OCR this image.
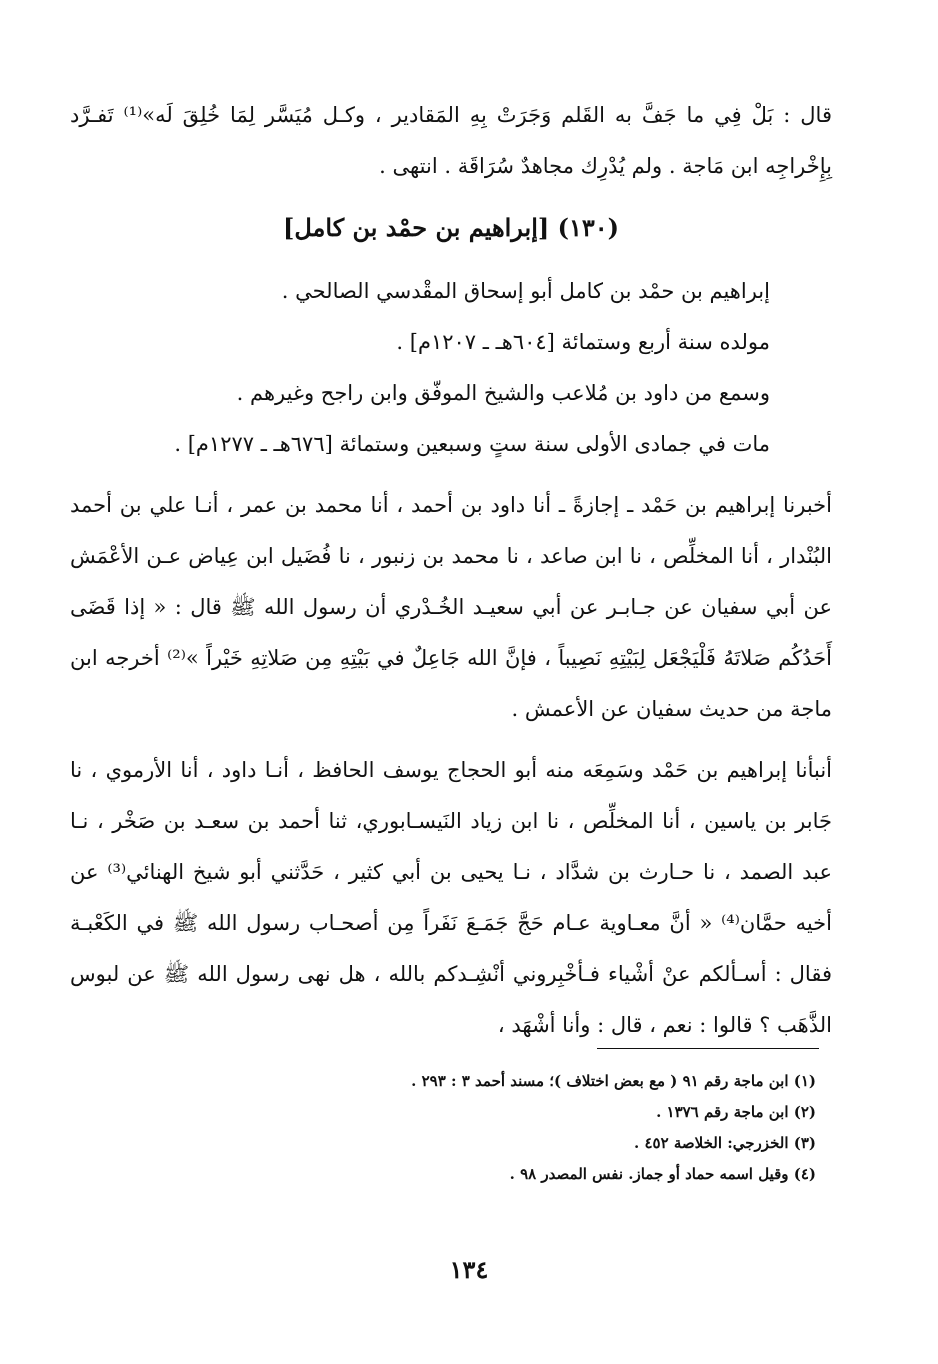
قال : بَلْ فِي ما جَفَّ به القَلم وَجَرَتْ بِهِ المَقادير ، وكـل مُيَسَّر لِمَا خُلِقَ لَه»⁽¹⁾ تَفـرَّد بِإِخْراجِه ابن مَاجة . ولم يُدْرِك مجاهدٌ سُرَاقَة . انتهى .

(١٣٠) [إبراهيم بن حمْد بن كامل]

إبراهيم بن حمْد بن كامل أبو إسحاق المقْدسي الصالحي .

مولده سنة أربع وستمائة [٦٠٤هـ ـ ١٢٠٧م] .

وسمع من داود بن مُلاعب والشيخ الموفّق وابن راجح وغيرهم .

مات في جمادى الأولى سنة ستٍ وسبعين وستمائة [٦٧٦هـ ـ ١٢٧٧م] .

أخبرنا إبراهيم بن حَمْد ـ إجازةً ـ أنا داود بن أحمد ، أنا محمد بن عمر ، أنـا علي بن أحمد البُنْدار ، أنا المخلِّص ، نا ابن صاعد ، نا محمد بن زنبور ، نا فُضَيل ابن عِياض عـن الأعْمَش عن أبي سفيان عن جـابـر عن أبي سعيـد الخُـدْري أن رسول الله ﷺ قال : « إذا قَضَى أَحَدُكُم صَلاتَهُ فَلْيَجْعَل لِبَيْتِهِ نَصِيباً ، فإنَّ الله جَاعِلٌ في بَيْتِهِ مِن صَلاتِهِ خَيْراً »⁽²⁾ أخرجه ابن ماجة من حديث سفيان عن الأعمش .

أنبأنا إبراهيم بن حَمْد وسَمِعَه منه أبو الحجاج يوسف الحافظ ، أنـا داود ، أنا الأرموي ، نا جَابر بن ياسين ، أنا المخلِّص ، نا ابن زياد النَيسـابوري، ثنا أحمد بن سعـد بن صَخْر ، نـا عبد الصمد ، نا حـارث بن شدَّاد ، نـا يحيى بن أبي كثير ، حَدَّثني أبو شيخ الهنائي⁽³⁾ عن أخيه حمَّان⁽⁴⁾ « أنَّ معـاوية عـام حَجَّ جَمَـعَ نَفَراً مِن أصحـاب رسول الله ﷺ في الكَعْبـة فقال : أسـألكم عنْ أشْياء فـأخْبِروني أنْشِـدكم بالله ، هل نهى رسول الله ﷺ عن لبوس الذَّهَب ؟ قالوا : نعم ، قال : وأنا أشْهَد ،

(١) ابن ماجة رقم ٩١ ( مع بعض اختلاف )؛ مسند أحمد ٣ : ٢٩٣ .

(٢) ابن ماجة رقم ١٣٧٦ .

(٣) الخزرجي: الخلاصة ٤٥٢ .

(٤) وقيل اسمه حماد أو جماز. نفس المصدر ٩٨ .

١٣٤
